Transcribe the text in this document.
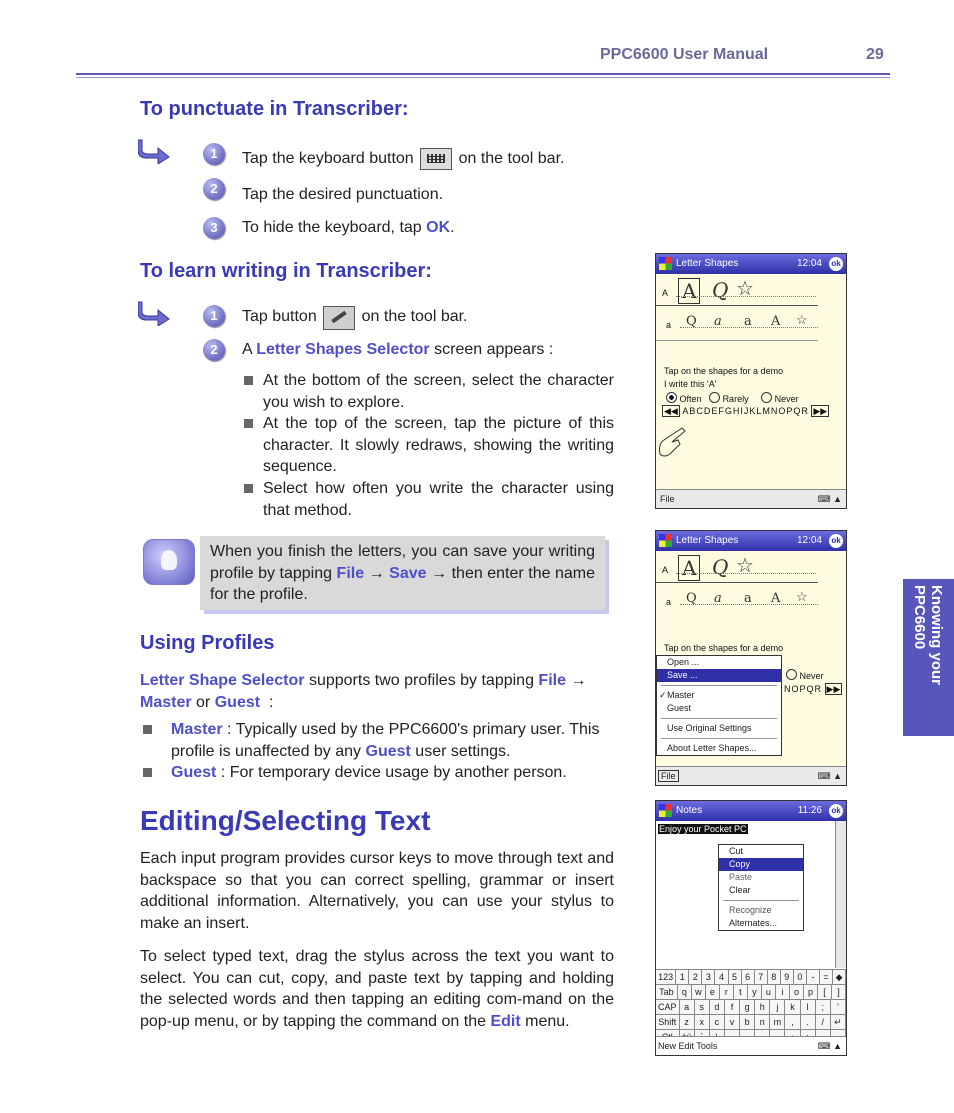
PPC6600 User Manual	29
To punctuate in Transcriber:
1	Tap the keyboard button	on the tool bar.
2	Tap the desired punctuation.
3	To hide the keyboard, tap OK.
To learn writing in Transcriber:
1	Tap button	on the tool bar.
2	A Letter Shapes Selector screen appears :
At the bottom of the screen, select the character you wish to explore.
At the top of the screen, tap the picture of this character. It slowly redraws, showing the writing sequence.
Select how often you write the character using that method.
When you finish the letters, you can save your writing profile by tapping File → Save → then enter the name for the profile.	Knowing your
PPC6600
Using Profiles
Letter Shape Selector supports two profiles by tapping File → Master or Guest :
Master : Typically used by the PPC6600's primary user. This profile is unaffected by any Guest user settings.
Guest : For temporary device usage by another person.
Editing/Selecting Text
Each input program provides cursor keys to move through text and backspace so that you can correct spelling, grammar or insert additional information. Alternatively, you can use your stylus to make an insert.
To select typed text, drag the stylus across the text you want to select. You can cut, copy, and paste text by tapping and holding the selected words and then tapping an editing com-mand on the pop-up menu, or by tapping the command on the Edit menu.
Letter Shapes	12:04 ok
A A Q ☆
a Q a a A ☆
Tap on the shapes for a demo
I write this 'A'
Often Rarely	Never
◀◀ ABCDEFGHIJKLMNOPQR ▶▶
File	⌨ ▲
Letter Shapes	12:04 ok
A A Q ☆
a Q a a A ☆
Tap on the shapes for a demo
Never
NOPQR ▶▶
Open ...
Save ...
✓ Master
Guest
Use Original Settings
About Letter Shapes...
File	⌨ ▲
Notes	11:26 ok
Enjoy your Pocket PC
Cut
Copy
Paste
Clear
Recognize
Alternates...
123 1 2 3 4 5 6 7 8 9 0	- = ◆
Tab q w e	r	t	y	u	i	o	p	[	]
CAP a	s	d	f	g	h	j	k	l	;	'
Shift z	x	c	v	b	n m	,	.	/	↵
New Edit Tools	⌨ ▲
